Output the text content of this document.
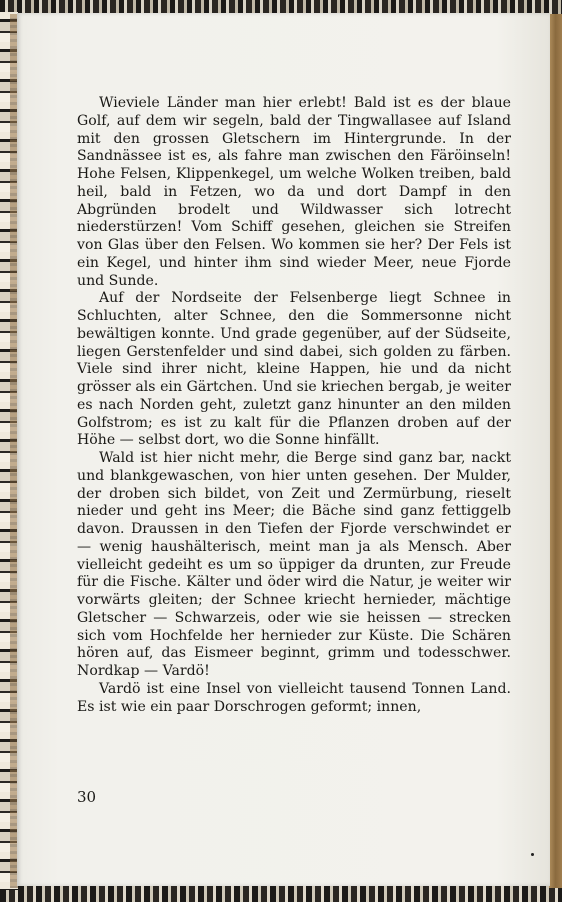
Wieviele Länder man hier erlebt! Bald ist es der blaue Golf, auf dem wir segeln, bald der Tingwallasee auf Island mit den grossen Gletschern im Hintergrunde. In der Sandnässee ist es, als fahre man zwischen den Färöinseln! Hohe Felsen, Klippenkegel, um welche Wolken treiben, bald heil, bald in Fetzen, wo da und dort Dampf in den Abgründen brodelt und Wildwasser sich lotrecht niederstürzen! Vom Schiff gesehen, gleichen sie Streifen von Glas über den Felsen. Wo kommen sie her? Der Fels ist ein Kegel, und hinter ihm sind wieder Meer, neue Fjorde und Sunde.

Auf der Nordseite der Felsenberge liegt Schnee in Schluchten, alter Schnee, den die Sommersonne nicht bewältigen konnte. Und grade gegenüber, auf der Südseite, liegen Gerstenfelder und sind dabei, sich golden zu färben. Viele sind ihrer nicht, kleine Happen, hie und da nicht grösser als ein Gärtchen. Und sie kriechen bergab, je weiter es nach Norden geht, zuletzt ganz hinunter an den milden Golfstrom; es ist zu kalt für die Pflanzen droben auf der Höhe — selbst dort, wo die Sonne hinfällt.

Wald ist hier nicht mehr, die Berge sind ganz bar, nackt und blankgewaschen, von hier unten gesehen. Der Mulder, der droben sich bildet, von Zeit und Zermürbung, rieselt nieder und geht ins Meer; die Bäche sind ganz fettiggelb davon. Draussen in den Tiefen der Fjorde verschwindet er — wenig haushälterisch, meint man ja als Mensch. Aber vielleicht gedeiht es um so üppiger da drunten, zur Freude für die Fische. Kälter und öder wird die Natur, je weiter wir vorwärts gleiten; der Schnee kriecht hernieder, mächtige Gletscher — Schwarzeis, oder wie sie heissen — strecken sich vom Hochfelde her hernieder zur Küste. Die Schären hören auf, das Eismeer beginnt, grimm und todesschwer. Nordkap — Vardö!

Vardö ist eine Insel von vielleicht tausend Tonnen Land. Es ist wie ein paar Dorschrogen geformt; innen,

30
